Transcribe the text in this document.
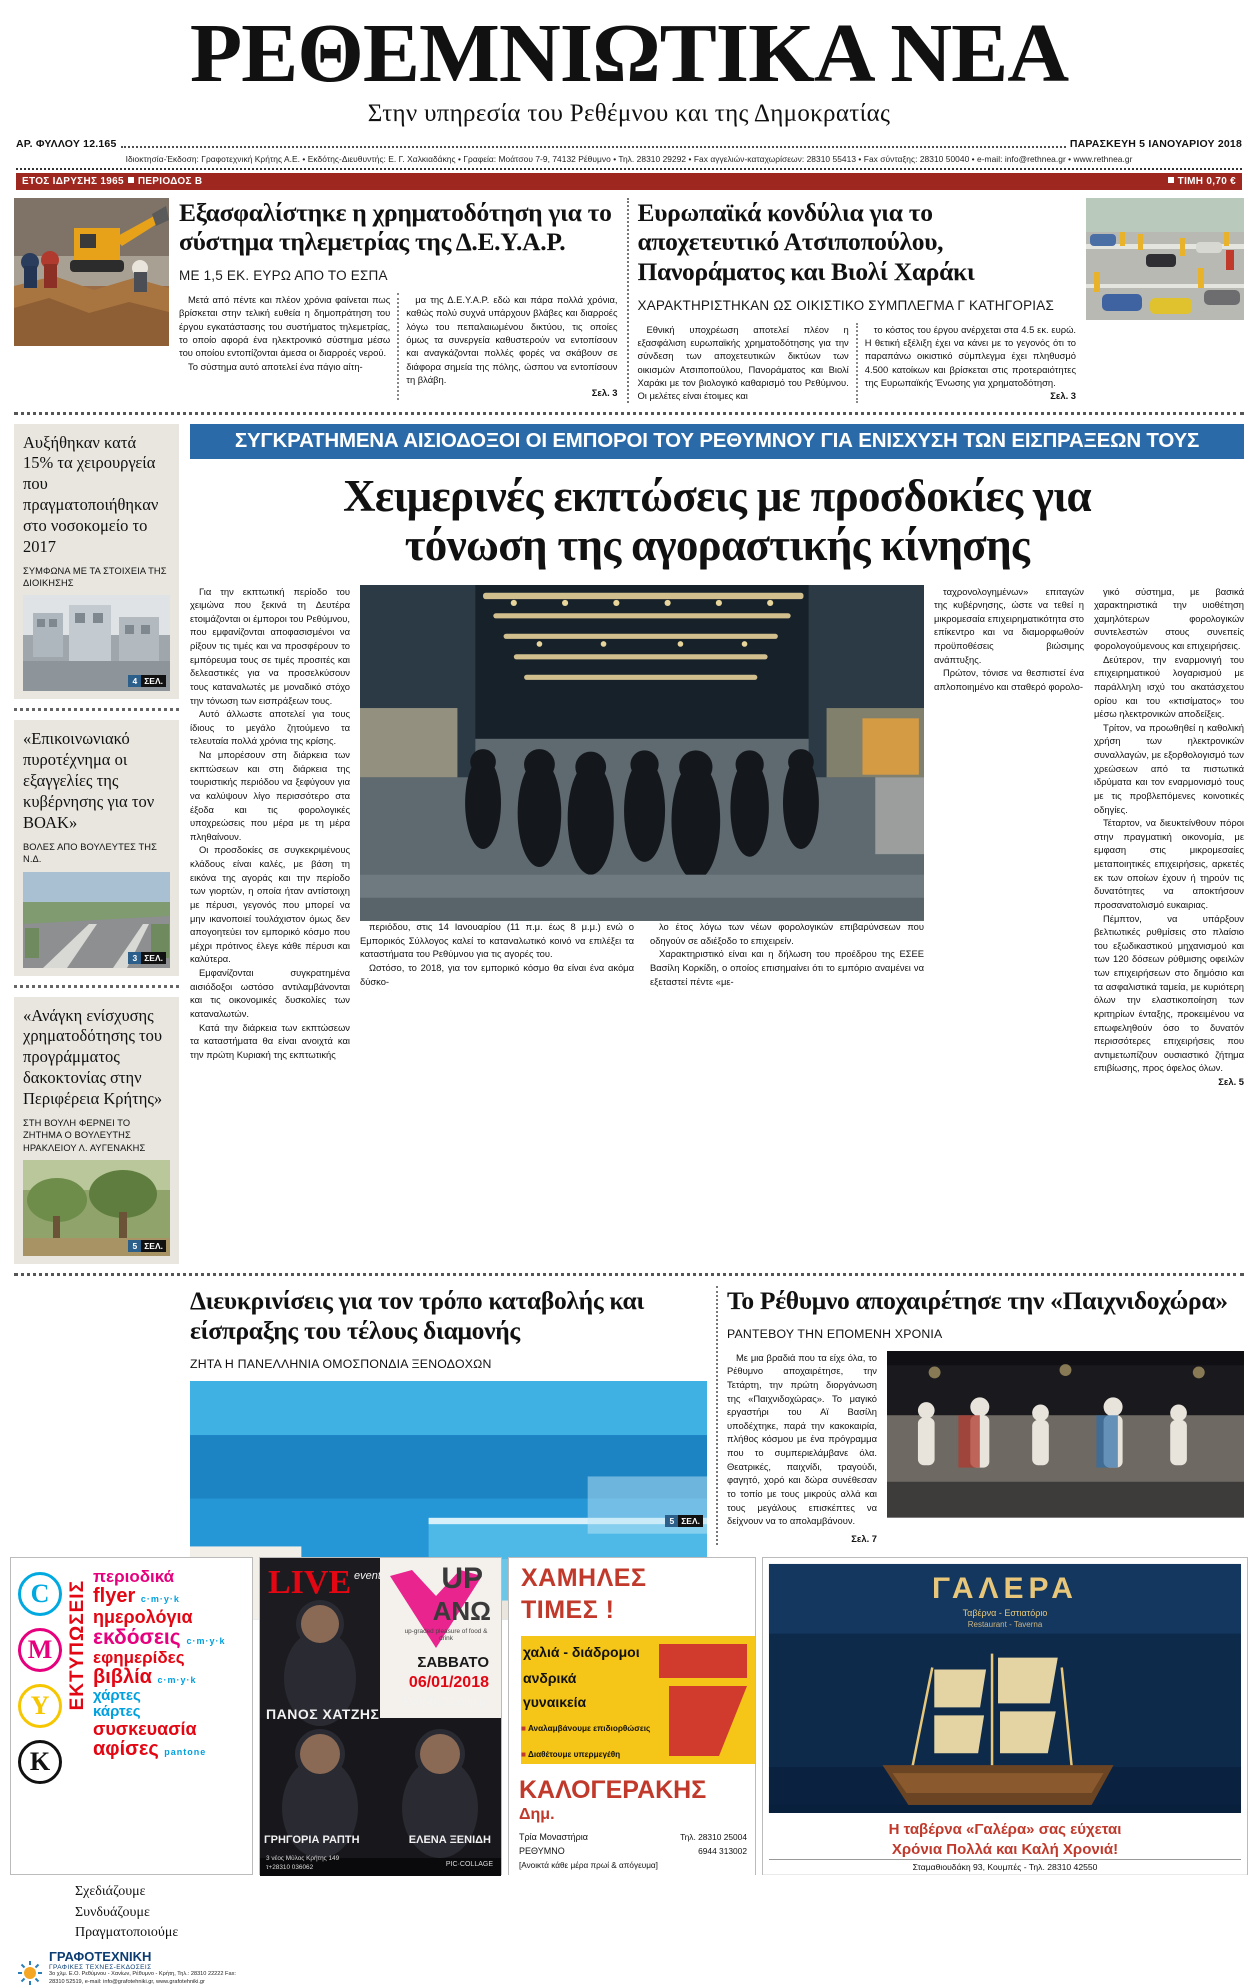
ΡΕΘΕΜΝΙΩΤΙΚΑ ΝΕΑ
Στην υπηρεσία του Ρεθέμνου και της Δημοκρατίας
ΑΡ. ΦΥΛΛΟΥ 12.165	ΠΑΡΑΣΚΕΥΗ 5 ΙΑΝΟΥΑΡΙΟΥ 2018
Ιδιοκτησία-Έκδοση: Γραφοτεχνική Κρήτης Α.Ε. • Εκδότης-Διευθυντής: Ε. Γ. Χαλκιαδάκης • Γραφεία: Μοάτσου 7-9, 74132 Ρέθυμνο • Τηλ. 28310 29292 • Fax αγγελιών-καταχωρίσεων: 28310 55413 • Fax σύνταξης: 28310 50040 • e-mail: info@rethnea.gr • www.rethnea.gr
ΕΤΟΣ ΙΔΡΥΣΗΣ 1965 ΠΕΡΙΟΔΟΣ Β	ΤΙΜΗ 0,70 €
Εξασφαλίστηκε η χρηματοδότηση για το σύστημα τηλεμετρίας της Δ.Ε.Υ.Α.Ρ.
ΜΕ 1,5 ΕΚ. ΕΥΡΩ ΑΠΟ ΤΟ ΕΣΠΑ

Μετά από πέντε και πλέον χρόνια φαίνεται πως βρίσκεται στην τελική ευθεία η δημοπράτηση του έργου εγκατάστασης του συστήματος τηλεμετρίας, το οποίο αφορά ένα ηλεκτρονικό σύστημα μέσω του οποίου εντοπίζονται άμεσα οι διαρροές νερού.

Το σύστημα αυτό αποτελεί ένα πάγιο αίτη-

μα της Δ.Ε.Υ.Α.Ρ. εδώ και πάρα πολλά χρόνια, καθώς πολύ συχνά υπάρχουν βλάβες και διαρροές λόγω του πεπαλαιωμένου δικτύου, τις οποίες όμως τα συνεργεία καθυστερούν να εντοπίσουν και αναγκάζονται πολλές φορές να σκάβουν σε διάφορα σημεία της πόλης, ώσπου να εντοπίσουν τη βλάβη.

Σελ. 3
Ευρωπαϊκά κονδύλια για το αποχετευτικό Ατσιποπούλου, Πανοράματος και Βιολί Χαράκι
ΧΑΡΑΚΤΗΡΙΣΤΗΚΑΝ ΩΣ ΟΙΚΙΣΤΙΚΟ ΣΥΜΠΛΕΓΜΑ Γ ΚΑΤΗΓΟΡΙΑΣ

Εθνική υποχρέωση αποτελεί πλέον η εξασφάλιση ευρωπαϊκής χρηματοδότησης για την σύνδεση των αποχετευτικών δικτύων των οικισμών Ατσιποπούλου, Πανοράματος και Βιολί Χαράκι με τον βιολογικό καθαρισμό του Ρεθύμνου. Οι μελέτες είναι έτοιμες και

το κόστος του έργου ανέρχεται στα 4.5 εκ. ευρώ. Η θετική εξέλιξη έχει να κάνει με το γεγονός ότι το παραπάνω οικιστικό σύμπλεγμα έχει πληθυσμό 4.500 κατοίκων και βρίσκεται στις προτεραιότητες της Ευρωπαϊκής Ένωσης για χρηματοδότηση.

Σελ. 3
Αυξήθηκαν κατά 15% τα χειρουργεία που πραγματοποιήθηκαν στο νοσοκομείο το 2017
ΣΥΜΦΩΝΑ ΜΕ ΤΑ ΣΤΟΙΧΕΙΑ ΤΗΣ ΔΙΟΙΚΗΣΗΣ
4 ΣΕΛ.
«Επικοινωνιακό πυροτέχνημα οι εξαγγελίες της κυβέρνησης για τον ΒΟΑΚ»
ΒΟΛΕΣ ΑΠΟ ΒΟΥΛΕΥΤΕΣ ΤΗΣ Ν.Δ.
3 ΣΕΛ.
«Ανάγκη ενίσχυσης χρηματοδότησης του προγράμματος δακοκτονίας στην Περιφέρεια Κρήτης»
ΣΤΗ ΒΟΥΛΗ ΦΕΡΝΕΙ ΤΟ ΖΗΤΗΜΑ Ο ΒΟΥΛΕΥΤΗΣ ΗΡΑΚΛΕΙΟΥ Λ. ΑΥΓΕΝΑΚΗΣ
5 ΣΕΛ.
ΣΥΓΚΡΑΤΗΜΕΝΑ ΑΙΣΙΟΔΟΞΟΙ ΟΙ ΕΜΠΟΡΟΙ ΤΟΥ ΡΕΘΥΜΝΟΥ ΓΙΑ ΕΝΙΣΧΥΣΗ ΤΩΝ ΕΙΣΠΡΑΞΕΩΝ ΤΟΥΣ
Χειμερινές εκπτώσεις με προσδοκίες για
τόνωση της αγοραστικής κίνησης

Για την εκπτωτική περίοδο του χειμώνα που ξεκινά τη Δευτέρα ετοιμάζονται οι έμποροι του Ρεθύμνου, που εμφανίζονται αποφασισμένοι να ρίξουν τις τιμές και να προσφέρουν το εμπόρευμα τους σε τιμές προσιτές και δελεαστικές για να προσελκύσουν τους καταναλωτές με μοναδικό στόχο την τόνωση των εισπράξεων τους.

Αυτό άλλωστε αποτελεί για τους ίδιους το μεγάλο ζητούμενο τα τελευταία πολλά χρόνια της κρίσης.

Να μπορέσουν στη διάρκεια των εκπτώσεων και στη διάρκεια της τουριστικής περιόδου να ξεφύγουν για να καλύψουν λίγο περισσότερο στα έξοδα και τις φορολογικές υποχρεώσεις που μέρα με τη μέρα πληθαίνουν.

Οι προσδοκίες σε συγκεκριμένους κλάδους είναι καλές, με βάση τη εικόνα της αγοράς και την περίοδο των γιορτών, η οποία ήταν αντίστοιχη με πέρυσι, γεγονός που μπορεί να μην ικανοποιεί τουλάχιστον όμως δεν απογοητεύει τον εμπορικό κόσμο που μέχρι πρότινος έλεγε κάθε πέρυσι και καλύτερα.

Εμφανίζονται συγκρατημένα αισιόδοξοι ωστόσο αντιλαμβάνονται και τις οικονομικές δυσκολίες των καταναλωτών.

Κατά την διάρκεια των εκπτώσεων τα καταστήματα θα είναι ανοιχτά και την πρώτη Κυριακή της εκπτωτικής

περιόδου, στις 14 Ιανουαρίου (11 π.μ. έως 8 μ.μ.) ενώ ο Εμπορικός Σύλλογος καλεί το καταναλωτικό κοινό να επιλέξει τα καταστήματα του Ρεθύμνου για τις αγορές του.

Ωστόσο, το 2018, για τον εμπορικό κόσμο θα είναι ένα ακόμα δύσκο-

λο έτος λόγω των νέων φορολογικών επιβαρύνσεων που οδηγούν σε αδιέξοδο το επιχειρείν.

Χαρακτηριστικό είναι και η δήλωση του προέδρου της ΕΣΕΕ Βασίλη Κορκίδη, ο οποίος επισημαίνει ότι το εμπόριο αναμένει να εξεταστεί πέντε «με-

ταχρονολογημένων» επιταγών της κυβέρνησης, ώστε να τεθεί η μικρομεσαία επιχειρηματικότητα στο επίκεντρο και να διαμορφωθούν προϋποθέσεις βιώσιμης ανάπτυξης.

Πρώτον, τόνισε να θεσπιστεί ένα απλοποιημένο και σταθερό φορολο-

γικό σύστημα, με βασικά χαρακτηριστικά την υιοθέτηση χαμηλότερων φορολογικών συντελεστών στους συνεπείς φορολογούμενους και επιχειρήσεις.

Δεύτερον, την εναρμονιγή του επιχειρηματικού λογαρισμού με παράλληλη ισχύ του ακατάσχετου ορίου και του «κτισίματος» του μέσω ηλεκτρονικών αποδείξεις.

Τρίτον, να προωθηθεί η καθολική χρήση των ηλεκτρονικών συναλλαγών, με εξορθολογισμό των χρεώσεων από τα πιστωτικά ιδρύματα και τον εναρμονισμό τους με τις προβλεπόμενες κοινοτικές οδηγίες.

Τέταρτον, να διευκτείνθουν πόροι στην πραγματική οικονομία, με εμφαση στις μικρομεσαίες μεταποιητικές επιχειρήσεις, αρκετές εκ των οποίων έχουν ή τηρούν τις δυνατότητες να αποκτήσουν προσανατολισμό ευκαιριας.

Πέμπτον, να υπάρξουν βελτιωτικές ρυθμίσεις στο πλαίσιο του εξωδικαστικού μηχανισμού και των 120 δόσεων ρύθμισης οφειλών των επιχειρήσεων στο δημόσιο και τα ασφαλιστικά ταμεία, με κυριότερη όλων την ελαστικοποίηση των κριτηρίων ένταξης, προκειμένου να επωφεληθούν όσο το δυνατόν περισσότερες επιχειρήσεις που αντιμετωπίζουν ουσιαστικό ζήτημα επιβίωσης, προς όφελος όλων.

Σελ. 5
Διευκρινίσεις για τον τρόπο καταβολής και είσπραξης του τέλους διαμονής
ΖΗΤΑ Η ΠΑΝΕΛΛΗΝΙΑ ΟΜΟΣΠΟΝΔΙΑ ΞΕΝΟΔΟΧΩΝ
5 ΣΕΛ.
Το Ρέθυμνο αποχαιρέτησε την «Παιχνιδοχώρα»
ΡΑΝΤΕΒΟΥ ΤΗΝ ΕΠΟΜΕΝΗ ΧΡΟΝΙΑ

Με μια βραδιά που τα είχε όλα, το Ρέθυμνο αποχαιρέτησε, την Τετάρτη, την πρώτη διοργάνωση της «Παιχνιδοχώρας». Το μαγικό εργαστήρι του Αϊ Βασίλη υποδέχτηκε, παρά την κακοκαιρία, πλήθος κόσμου με ένα πρόγραμμα που το συμπεριελάμβανε όλα. Θεατρικές, παιχνίδι, τραγούδι, φαγητό, χορό και δώρα συνέθεσαν το τοπίο με τους μικρούς αλλά και τους μεγάλους επισκέπτες να δείχνουν να το απολαμβάνουν.

Σελ. 7
C
M
Y
K
ΕΚΤΥΠΩΣΕΙΣ
περιοδικά
flyer c·m·y·k
ημερολόγια
εκδόσεις c·m·y·k
εφημερίδες
βιβλία c·m·y·k
χάρτες
κάρτες
συσκευασία
αφίσες pantone
Σχεδιάζουμε
Συνδυάζουμε
Πραγματοποιούμε
ΓΡΑΦΟΤΕΧΝΙΚΗ
ΓΡΑΦΙΚΕΣ ΤΕΧΝΕΣ-ΕΚΔΟΣΕΙΣ
3ο χλμ. Ε.Ο. Ρεθύμνου - Χανίων, Ρέθυμνο - Κρήτη, Τηλ.: 28310 22222 Fax: 28310 52519, e-mail: info@grafotehniki.gr, www.grafotehniki.gr
LIVE event UP
ΑΝΩ
up-graded pleasure of food & drink
ΣΑΒΒΑΤΟ
06/01/2018
Έναρξη 22:00μ.μ.
ΠΑΝΟΣ ΧΑΤΖΗΣ
ΓΡΗΓΟΡΙΑ ΡΑΠΤΗ	ΕΛΕΝΑ ΞΕΝΙΔΗ
PIC·COLLAGE
3 νέος Μύλος Κρήτης 149
τ+28310 036062
ΧΑΜΗΛΕΣ
ΤΙΜΕΣ !
χαλιά - διάδρομοι
ανδρικά
γυναικεία
■ Αναλαμβάνουμε επιδιορθώσεις
■ Διαθέτουμε υπερμεγέθη
ΚΑΛΟΓΕΡΑΚΗΣ
Δημ.
Τρία Μοναστήρια
ΡΕΘΥΜΝΟ
Τηλ. 28310 25004
6944 313002
[Ανοικτά κάθε μέρα πρωί & απόγευμα]
ΓΑΛΕΡΑ
Ταβέρνα - Εστιατόριο
Restaurant - Taverna
Η ταβέρνα «Γαλέρα» σας εύχεται
Χρόνια Πολλά και Καλή Χρονιά!
Σταμαθιουδάκη 93, Κουμπές - Τηλ. 28310 42550
